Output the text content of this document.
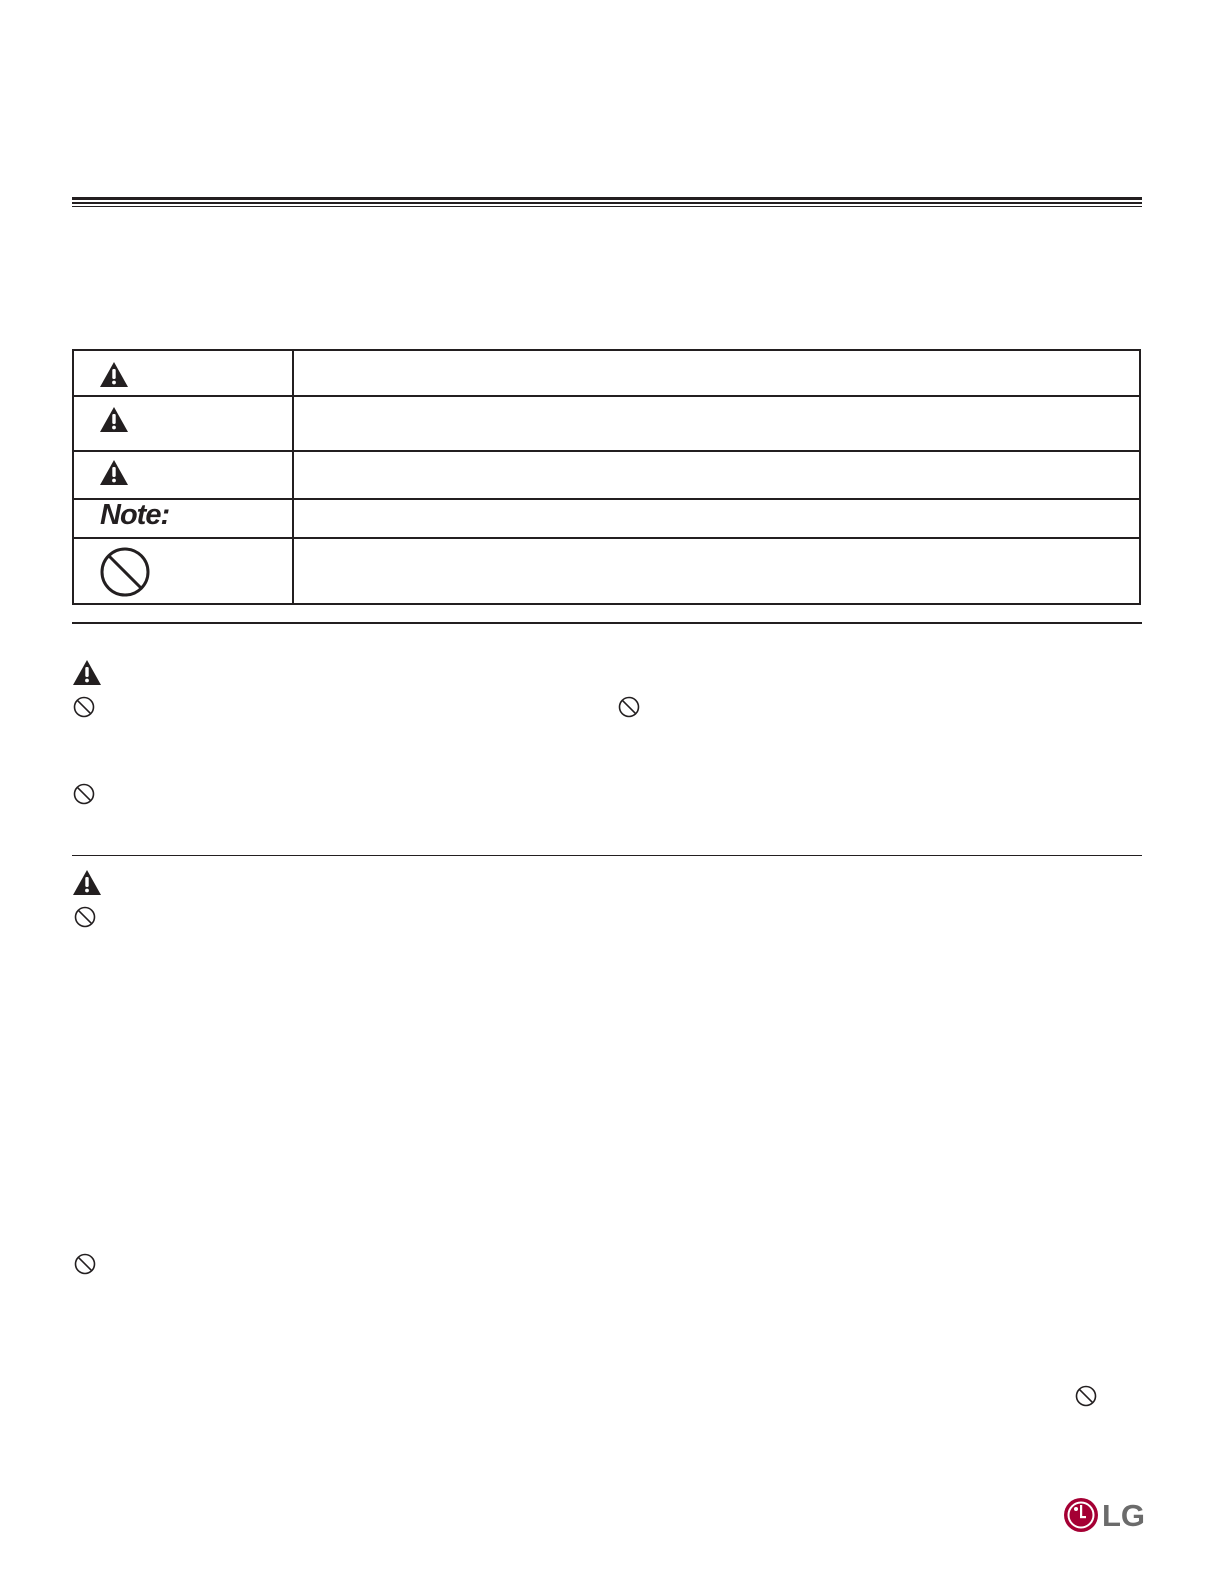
Note:
LG
